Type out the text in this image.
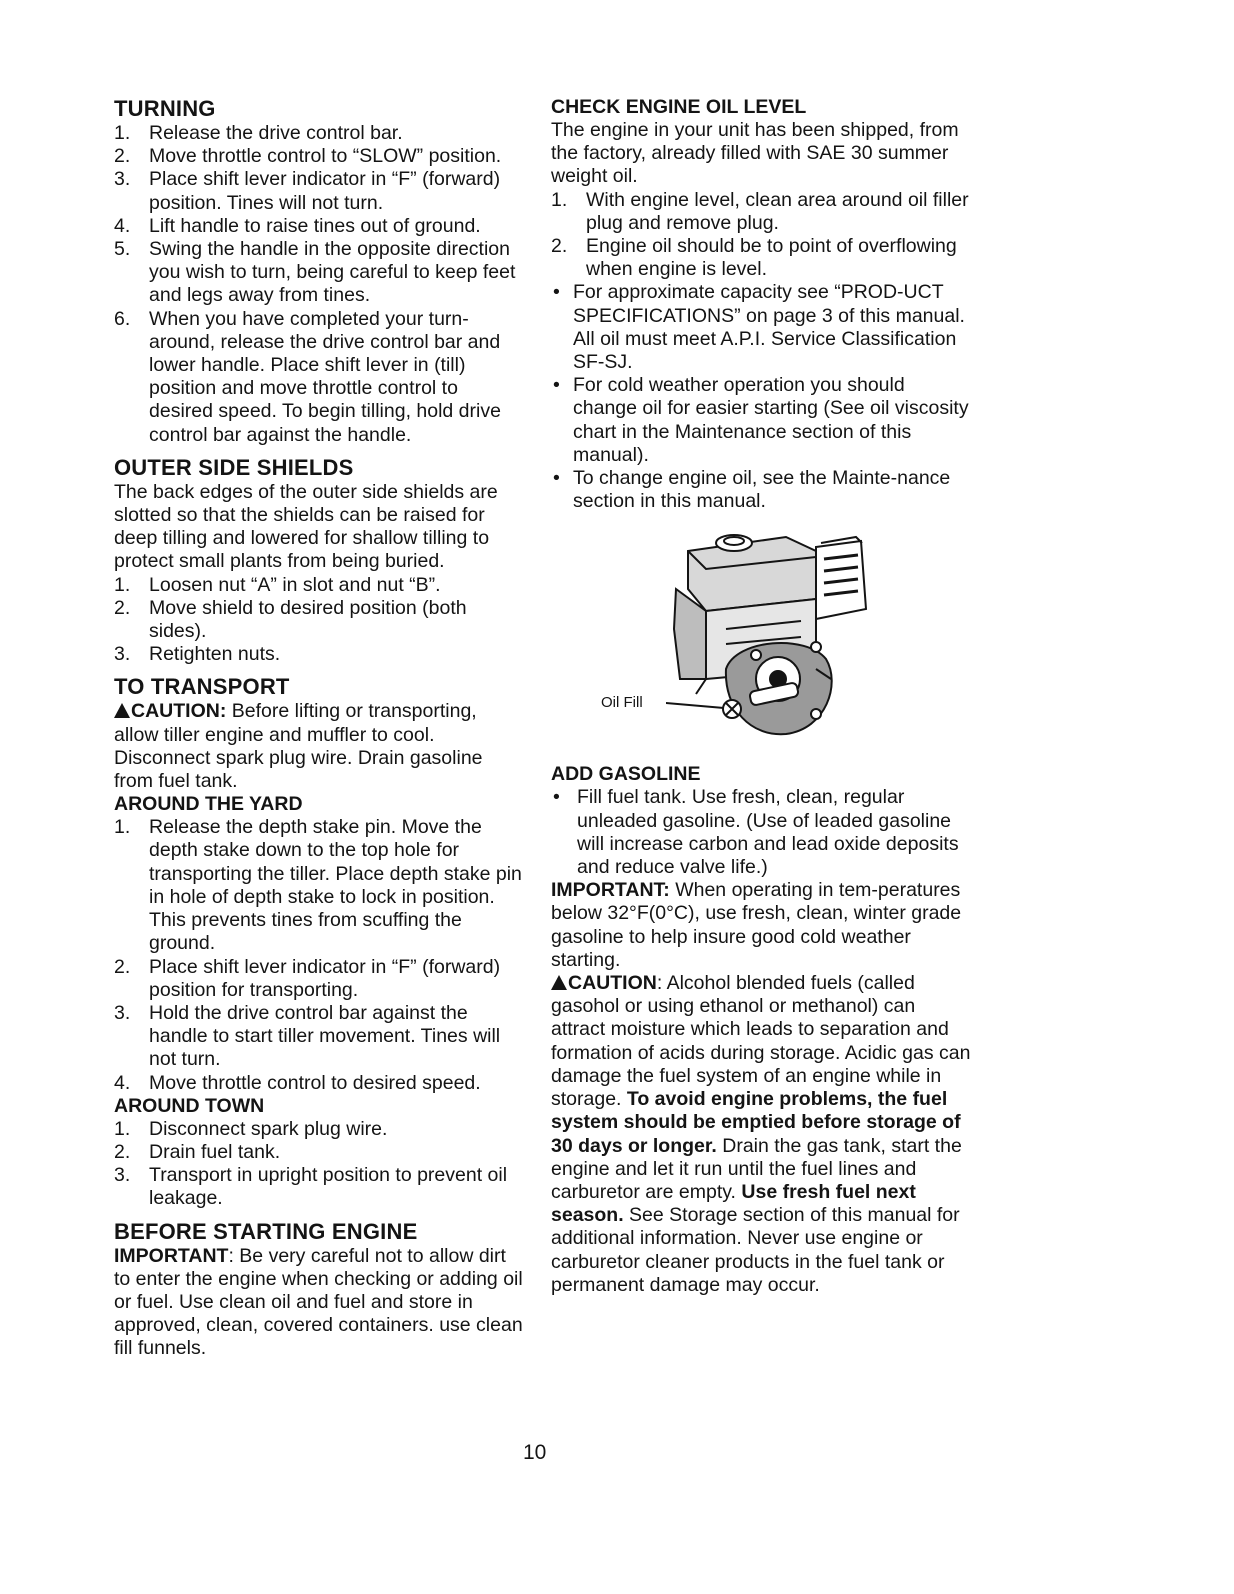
TURNING
1. Release the drive control bar.
2. Move throttle control to “SLOW” position.
3. Place shift lever indicator in “F” (forward) position. Tines will not turn.
4. Lift handle to raise tines out of ground.
5. Swing the handle in the opposite direction you wish to turn, being careful to keep feet and legs away from tines.
6. When you have completed your turn-around, release the drive control bar and lower handle. Place shift lever in (till) position and move throttle control to desired speed. To begin tilling, hold drive control bar against the handle.
OUTER SIDE SHIELDS

The back edges of the outer side shields are slotted so that the shields can be raised for deep tilling and lowered for shallow tilling to protect small plants from being buried.

1. Loosen nut “A” in slot and nut “B”.
2. Move shield to desired position (both sides).
3. Retighten nuts.
TO TRANSPORT

CAUTION: Before lifting or transporting, allow tiller engine and muffler to cool. Disconnect spark plug wire. Drain gasoline from fuel tank.

AROUND THE YARD
1. Release the depth stake pin. Move the depth stake down to the top hole for transporting the tiller. Place depth stake pin in hole of depth stake to lock in position. This prevents tines from scuffing the ground.
2. Place shift lever indicator in “F” (forward) position for transporting.
3. Hold the drive control bar against the handle to start tiller movement. Tines will not turn.
4. Move throttle control to desired speed.
AROUND TOWN
1. Disconnect spark plug wire.
2. Drain fuel tank.
3. Transport in upright position to prevent oil leakage.
BEFORE STARTING ENGINE

IMPORTANT: Be very careful not to allow dirt to enter the engine when checking or adding oil or fuel. Use clean oil and fuel and store in approved, clean, covered containers. use clean fill funnels.

CHECK ENGINE OIL LEVEL

The engine in your unit has been shipped, from the factory, already filled with SAE 30 summer weight oil.

1. With engine level, clean area around oil filler plug and remove plug.
2. Engine oil should be to point of overflowing when engine is level.
• For approximate capacity see “PROD-UCT SPECIFICATIONS” on page 3 of this manual. All oil must meet A.P.I. Service Classification SF-SJ.
• For cold weather operation you should change oil for easier starting (See oil viscosity chart in the Maintenance section of this manual).
• To change engine oil, see the Mainte-nance section in this manual.
Oil Fill
ADD GASOLINE
• Fill fuel tank. Use fresh, clean, regular unleaded gasoline. (Use of leaded gasoline will increase carbon and lead oxide deposits and reduce valve life.)

IMPORTANT: When operating in tem-peratures below 32°F(0°C), use fresh, clean, winter grade gasoline to help insure good cold weather starting.

CAUTION: Alcohol blended fuels (called gasohol or using ethanol or methanol) can attract moisture which leads to separation and formation of acids during storage. Acidic gas can damage the fuel system of an engine while in storage. To avoid engine problems, the fuel system should be emptied before storage of 30 days or longer. Drain the gas tank, start the engine and let it run until the fuel lines and carburetor are empty. Use fresh fuel next season. See Storage section of this manual for additional information. Never use engine or carburetor cleaner products in the fuel tank or permanent damage may occur.

10
